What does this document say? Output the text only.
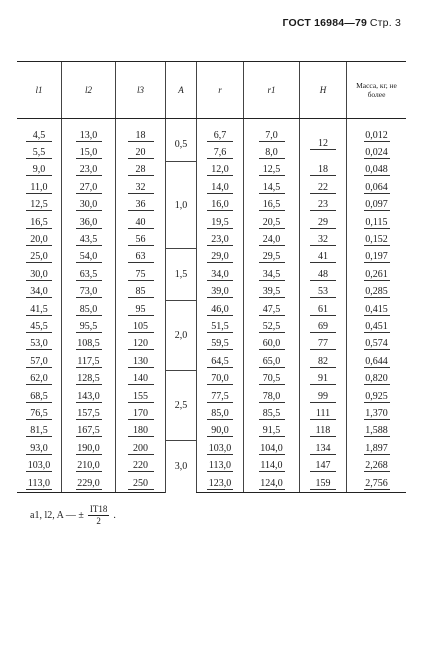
ГОСТ 16984—79 Стр. 3
l1	l2	l3	A	r	r1	H	Масса, кг, не более
4,5	13,0	18	0,5	6,7	7,0	12	0,012
5,5	15,0	20		7,6	8,0		0,024
9,0	23,0	28	1,0	12,0	12,5	18	0,048
11,0	27,0	32		14,0	14,5	22	0,064
12,5	30,0	36		16,0	16,5	23	0,097
16,5	36,0	40		19,5	20,5	29	0,115
20,0	43,5	56		23,0	24,0	32	0,152
25,0	54,0	63	1,5	29,0	29,5	41	0,197
30,0	63,5	75		34,0	34,5	48	0,261
34,0	73,0	85		39,0	39,5	53	0,285
41,5	85,0	95	2,0	46,0	47,5	61	0,415
45,5	95,5	105		51,5	52,5	69	0,451
53,0	108,5	120		59,5	60,0	77	0,574
57,0	117,5	130		64,5	65,0	82	0,644
62,0	128,5	140	2,5	70,0	70,5	91	0,820
68,5	143,0	155		77,5	78,0	99	0,925
76,5	157,5	170		85,0	85,5	111	1,370
81,5	167,5	180		90,0	91,5	118	1,588
93,0	190,0	200	3,0	103,0	104,0	134	1,897
103,0	210,0	220		113,0	114,0	147	2,268
113,0	229,0	250		123,0	124,0	159	2,756
a1, l2, A — ± $\frac{IT18}{2}$ .
